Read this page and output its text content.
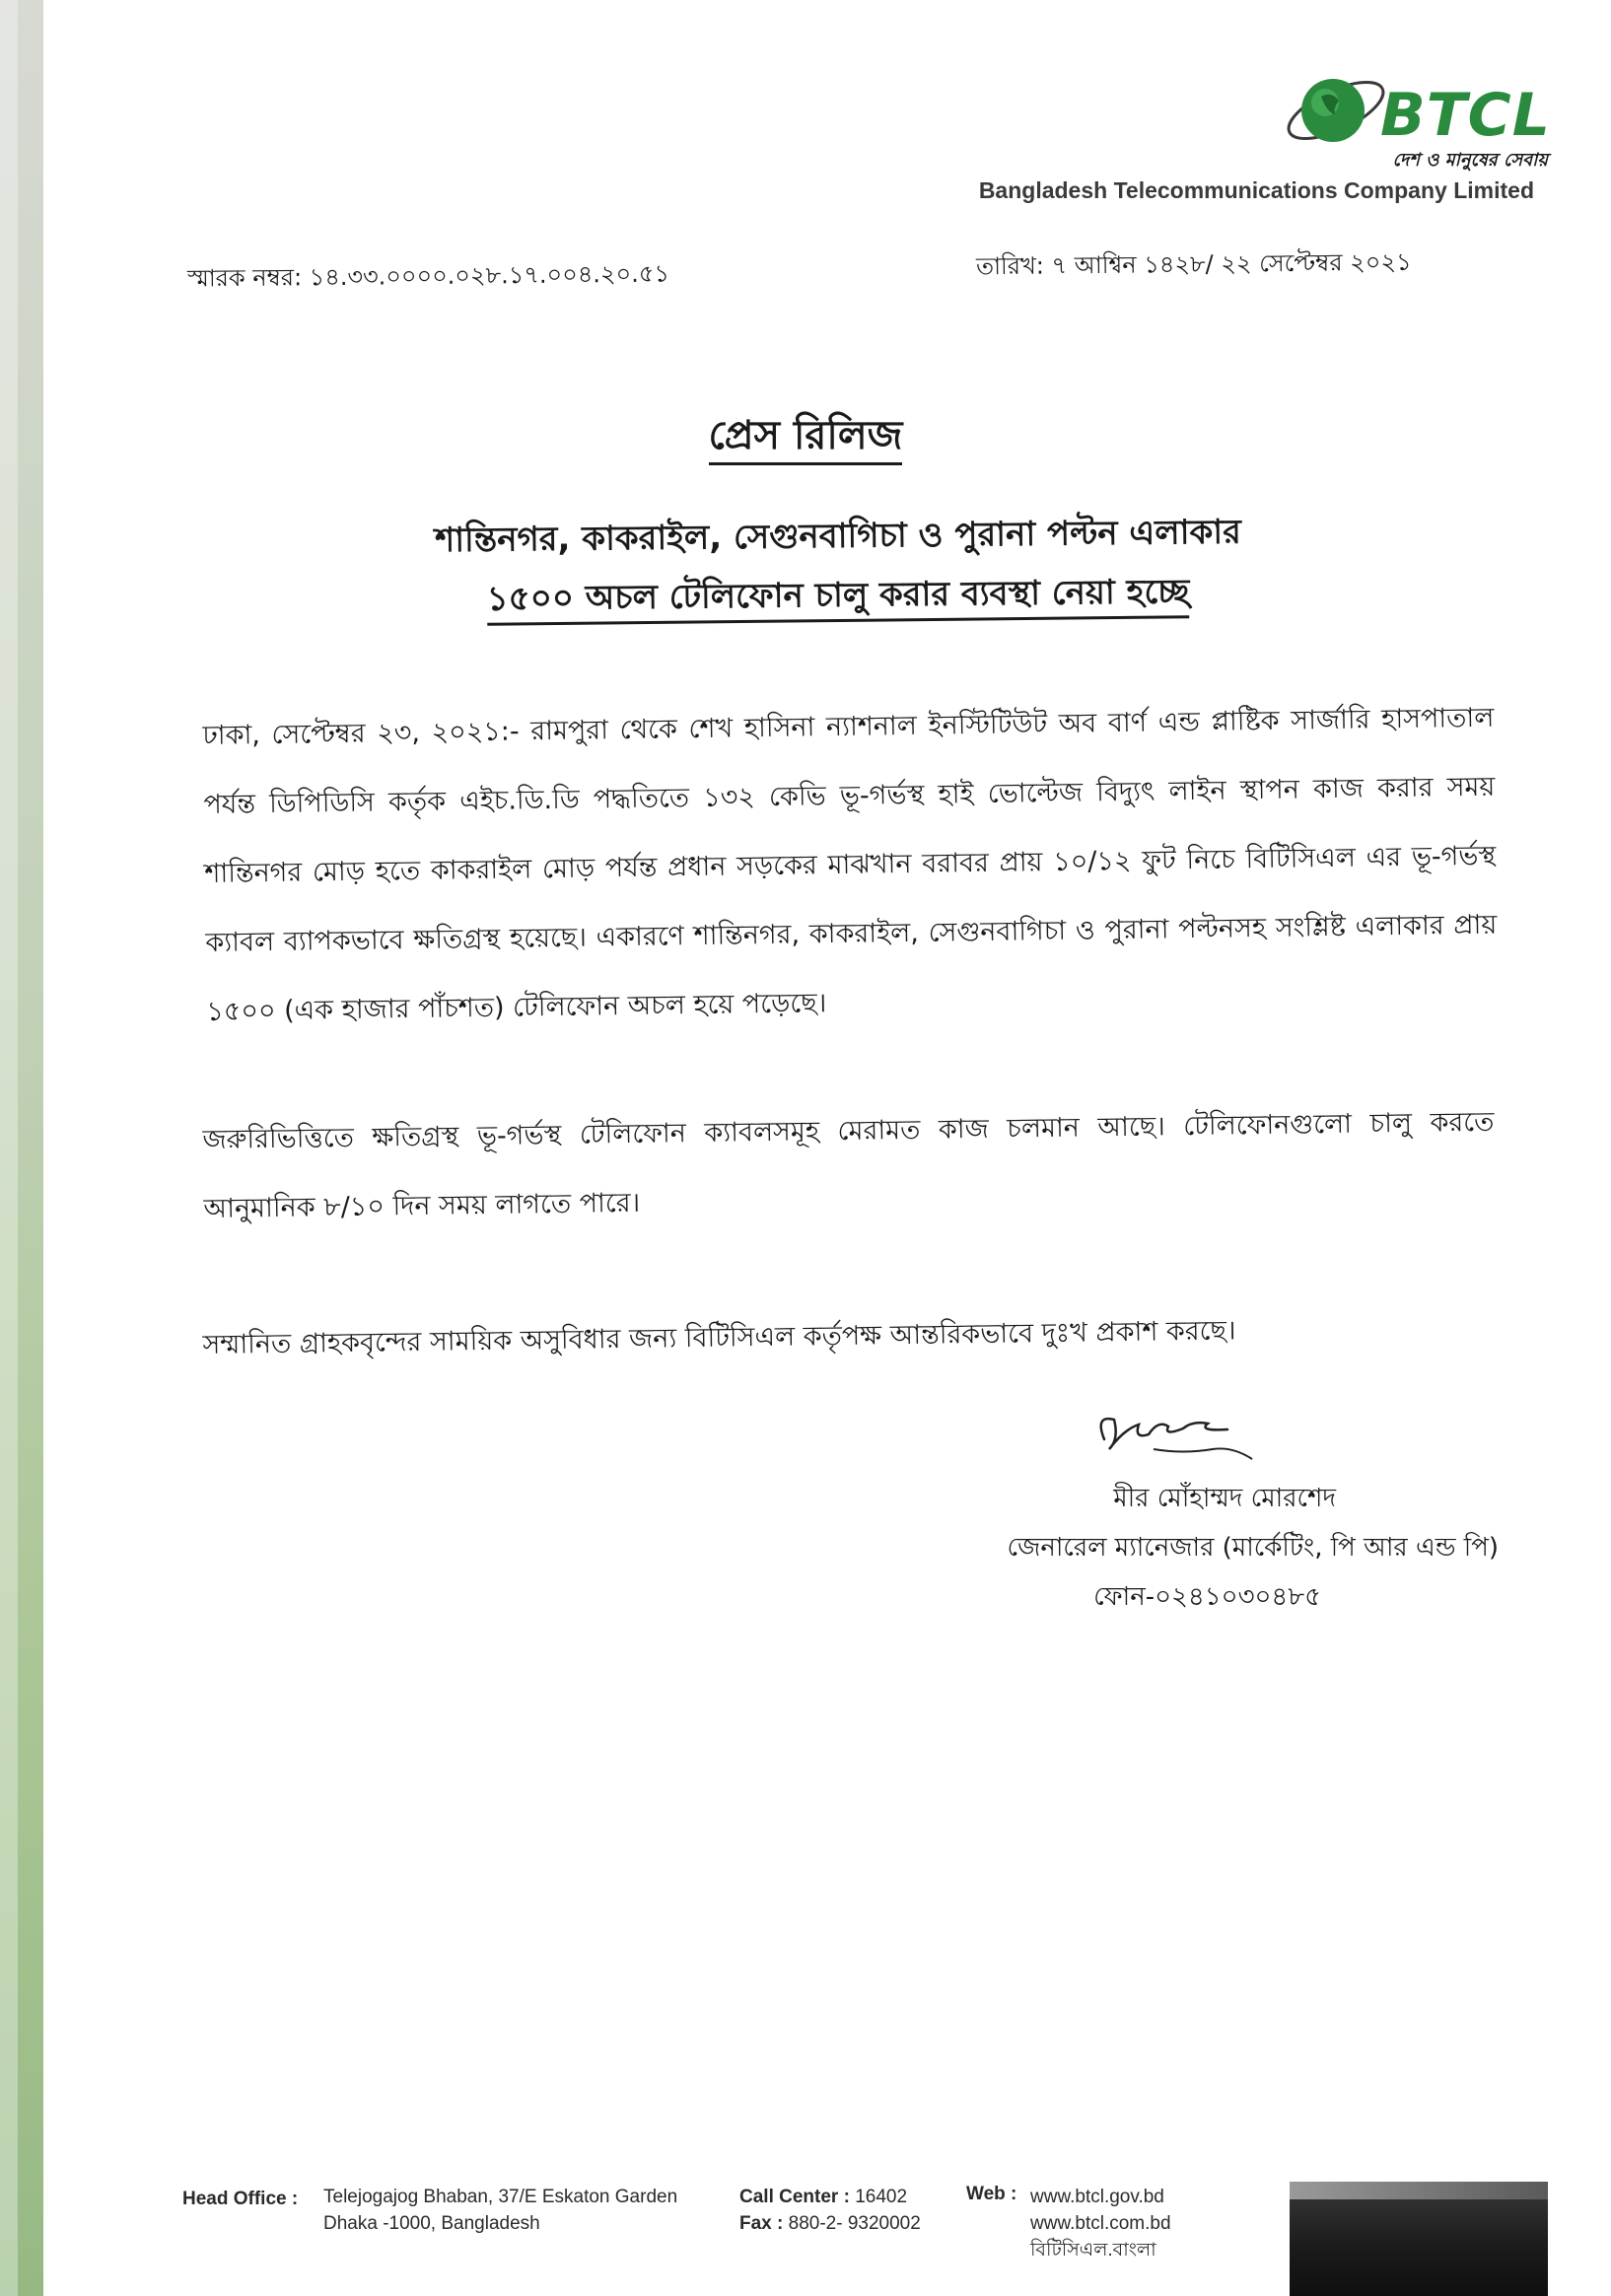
BTCL
দেশ ও মানুষের সেবায়
Bangladesh Telecommunications Company Limited
স্মারক নম্বর: ১৪.৩৩.০০০০.০২৮.১৭.০০৪.২০.৫১	তারিখ: ৭ আশ্বিন ১৪২৮/ ২২ সেপ্টেম্বর ২০২১
প্রেস রিলিজ
শান্তিনগর, কাকরাইল, সেগুনবাগিচা ও পুরানা পল্টন এলাকার
১৫০০ অচল টেলিফোন চালু করার ব্যবস্থা নেয়া হচ্ছে
ঢাকা, সেপ্টেম্বর ২৩, ২০২১:- রামপুরা থেকে শেখ হাসিনা ন্যাশনাল ইনস্টিটিউট অব বার্ণ এন্ড প্লাষ্টিক সার্জারি হাসপাতাল পর্যন্ত ডিপিডিসি কর্তৃক এইচ.ডি.ডি পদ্ধতিতে ১৩২ কেভি ভূ-গর্ভস্থ হাই ভোল্টেজ বিদ্যুৎ লাইন স্থাপন কাজ করার সময় শান্তিনগর মোড় হতে কাকরাইল মোড় পর্যন্ত প্রধান সড়কের মাঝখান বরাবর প্রায় ১০/১২ ফুট নিচে বিটিসিএল এর ভূ-গর্ভস্থ ক্যাবল ব্যাপকভাবে ক্ষতিগ্রস্থ হয়েছে। একারণে শান্তিনগর, কাকরাইল, সেগুনবাগিচা ও পুরানা পল্টনসহ সংশ্লিষ্ট এলাকার প্রায় ১৫০০ (এক হাজার পাঁচশত) টেলিফোন অচল হয়ে পড়েছে।
জরুরিভিত্তিতে ক্ষতিগ্রস্থ ভূ-গর্ভস্থ টেলিফোন ক্যাবলসমূহ মেরামত কাজ চলমান আছে। টেলিফোনগুলো চালু করতে আনুমানিক ৮/১০ দিন সময় লাগতে পারে।
সম্মানিত গ্রাহকবৃন্দের সাময়িক অসুবিধার জন্য বিটিসিএল কর্তৃপক্ষ আন্তরিকভাবে দুঃখ প্রকাশ করছে।
মীর মোঁহাম্মদ মোরশেদ
জেনারেল ম্যানেজার (মার্কেটিং, পি আর এন্ড পি)
ফোন-০২৪১০৩০৪৮৫
Head Office : Telejogajog Bhaban, 37/E Eskaton Garden
Dhaka -1000, Bangladesh
Call Center : 16402
Fax : 880-2- 9320002
Web : www.btcl.gov.bd
www.btcl.com.bd
বিটিসিএল.বাংলা
